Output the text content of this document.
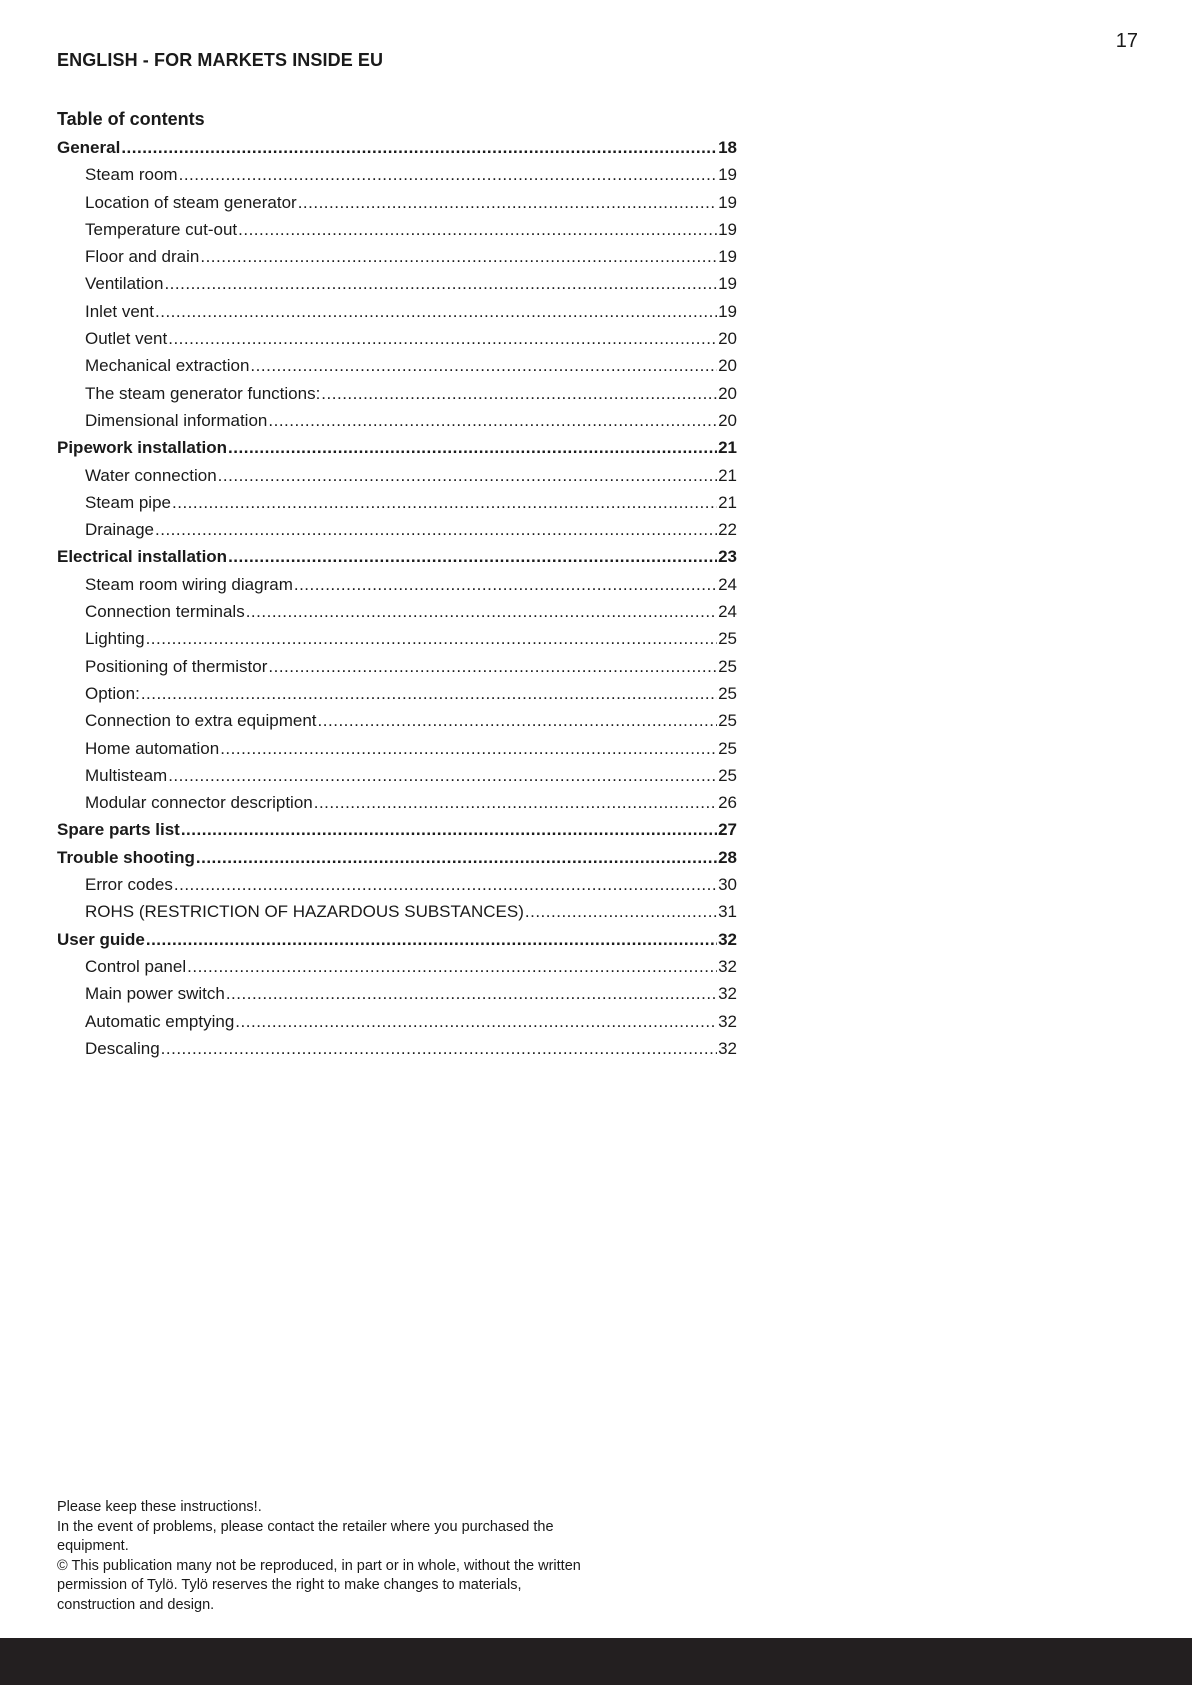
17
ENGLISH - FOR MARKETS INSIDE EU
Table of contents
General .....	18
Steam room .....	19
Location of steam generator .....	19
Temperature cut-out .....	19
Floor and drain .....	19
Ventilation .....	19
Inlet vent .....	19
Outlet vent .....	20
Mechanical extraction .....	20
The steam generator functions: .....	20
Dimensional information .....	20
Pipework installation .....	21
Water connection .....	21
Steam pipe .....	21
Drainage .....	22
Electrical installation .....	23
Steam room wiring diagram .....	24
Connection terminals .....	24
Lighting .....	25
Positioning of thermistor .....	25
Option: .....	25
Connection to extra equipment .....	25
Home automation .....	25
Multisteam .....	25
Modular connector description .....	26
Spare parts list .....	27
Trouble shooting .....	28
Error codes .....	30
ROHS (RESTRICTION OF HAZARDOUS SUBSTANCES) .....	31
User guide .....	32
Control panel .....	32
Main power switch .....	32
Automatic emptying .....	32
Descaling .....	32

Please keep these instructions!.

In the event of problems, please contact the retailer where you purchased the equipment.

© This publication many not be reproduced, in part or in whole, without the written permission of Tylö. Tylö reserves the right to make changes to materials, construction and design.
